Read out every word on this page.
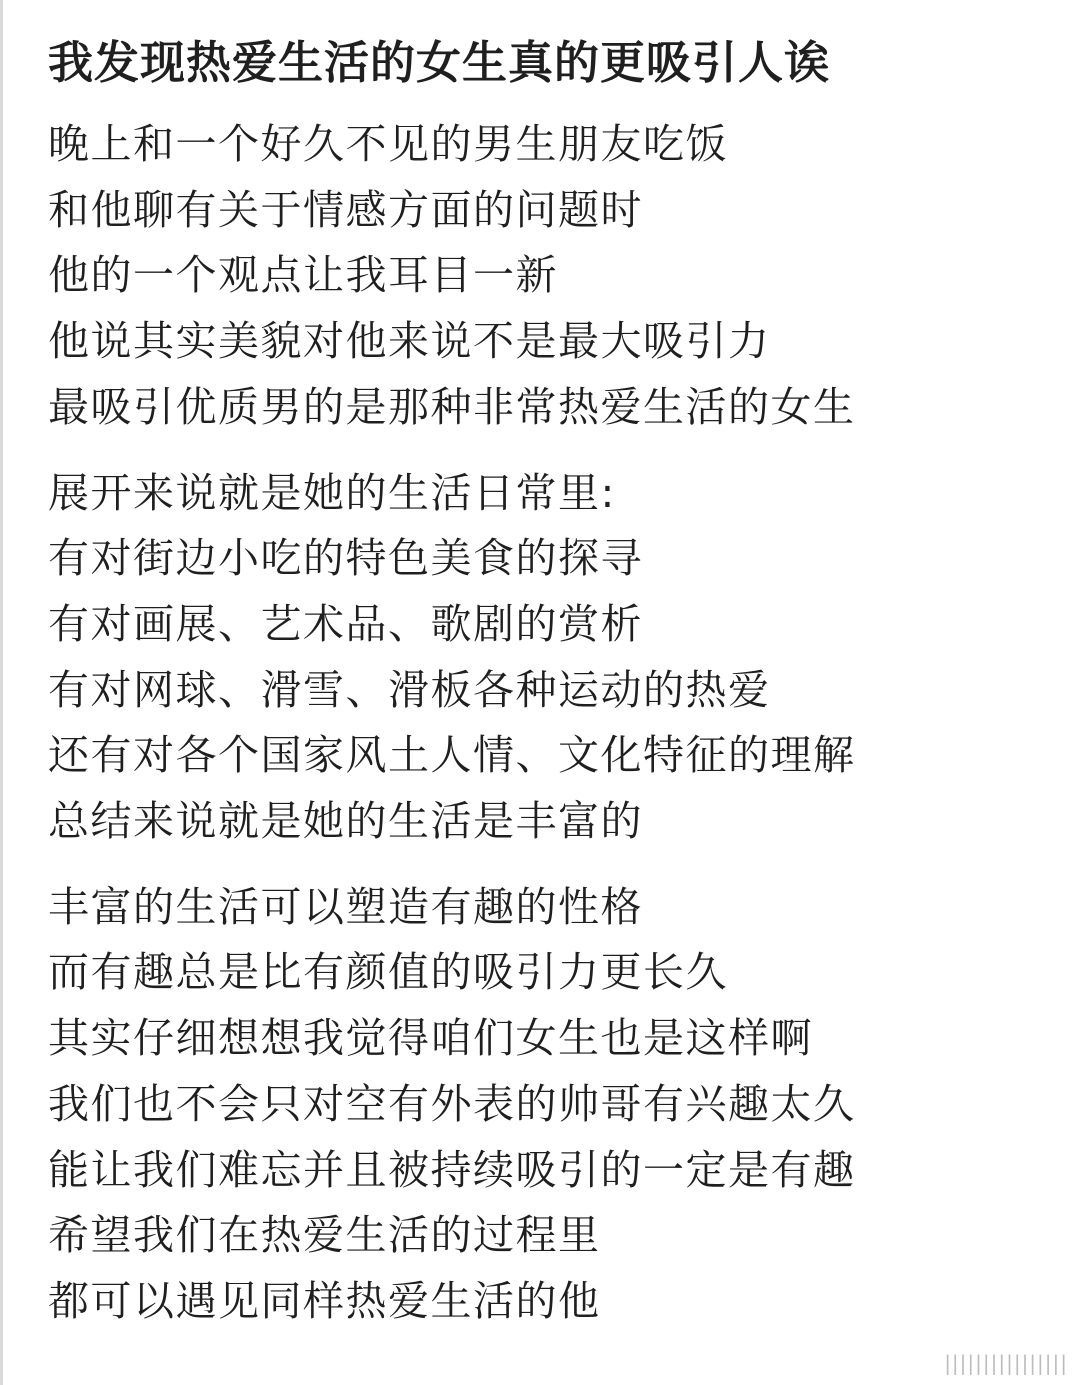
我发现热爱生活的女生真的更吸引人诶
晚上和一个好久不见的男生朋友吃饭
和他聊有关于情感方面的问题时
他的一个观点让我耳目一新
他说其实美貌对他来说不是最大吸引力
最吸引优质男的是那种非常热爱生活的女生
展开来说就是她的生活日常里:
有对街边小吃的特色美食的探寻
有对画展、艺术品、歌剧的赏析
有对网球、滑雪、滑板各种运动的热爱
还有对各个国家风土人情、文化特征的理解
总结来说就是她的生活是丰富的
丰富的生活可以塑造有趣的性格
而有趣总是比有颜值的吸引力更长久
其实仔细想想我觉得咱们女生也是这样啊
我们也不会只对空有外表的帅哥有兴趣太久
能让我们难忘并且被持续吸引的一定是有趣
希望我们在热爱生活的过程里
都可以遇见同样热爱生活的他
||||||||||||||||
